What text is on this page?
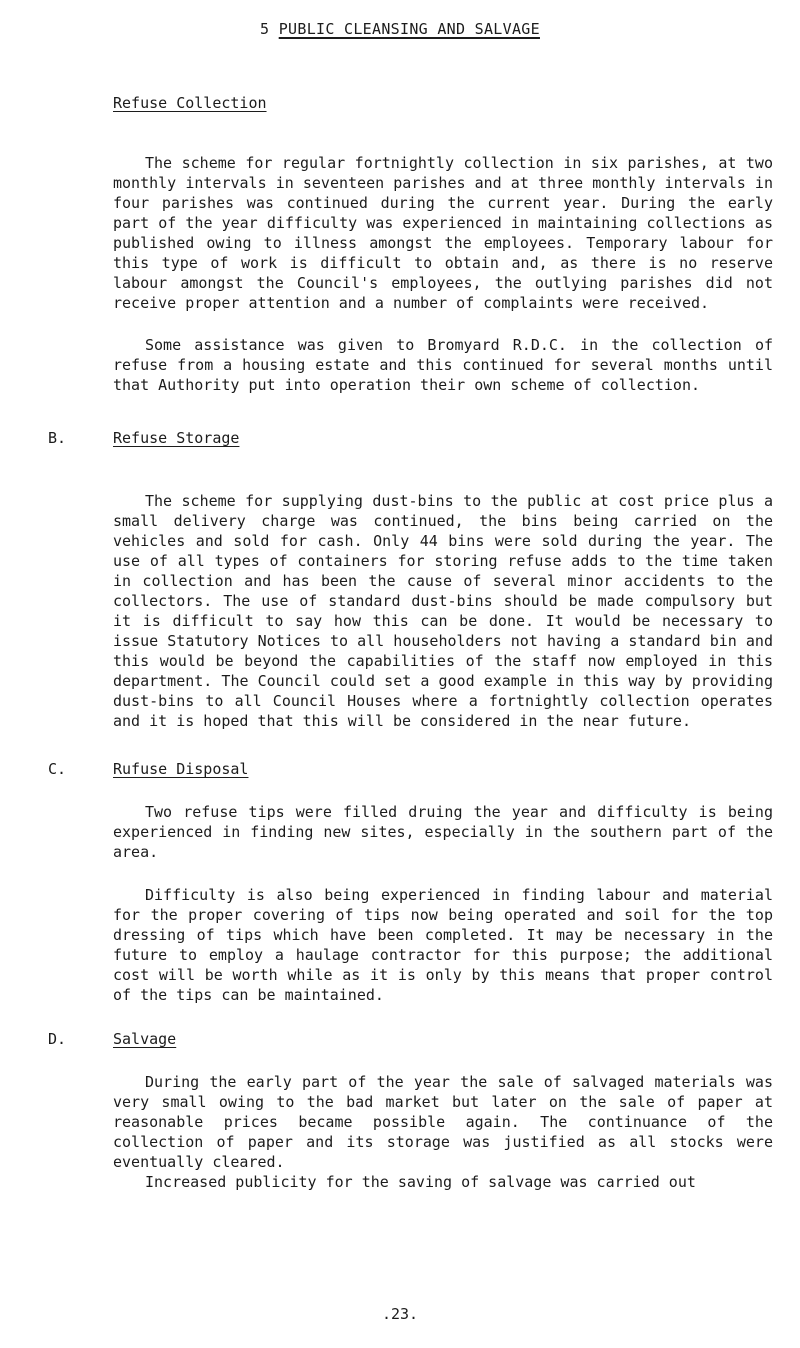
5 PUBLIC CLEANSING AND SALVAGE
Refuse Collection

The scheme for regular fortnightly collection in six parishes, at two monthly intervals in seventeen parishes and at three monthly intervals in four parishes was continued during the current year. During the early part of the year difficulty was experienced in maintaining collections as published owing to illness amongst the employees. Temporary labour for this type of work is difficult to obtain and, as there is no reserve labour amongst the Council's employees, the outlying parishes did not receive proper attention and a number of complaints were received.

Some assistance was given to Bromyard R.D.C. in the collection of refuse from a housing estate and this continued for several months until that Authority put into operation their own scheme of collection.

B.	Refuse Storage

The scheme for supplying dust-bins to the public at cost price plus a small delivery charge was continued, the bins being carried on the vehicles and sold for cash. Only 44 bins were sold during the year. The use of all types of containers for storing refuse adds to the time taken in collection and has been the cause of several minor accidents to the collectors. The use of standard dust-bins should be made compulsory but it is difficult to say how this can be done. It would be necessary to issue Statutory Notices to all householders not having a standard bin and this would be beyond the capabilities of the staff now employed in this department. The Council could set a good example in this way by providing dust-bins to all Council Houses where a fortnightly collection operates and it is hoped that this will be considered in the near future.

C.	Rufuse Disposal

Two refuse tips were filled druing the year and difficulty is being experienced in finding new sites, especially in the southern part of the area.

Difficulty is also being experienced in finding labour and material for the proper covering of tips now being operated and soil for the top dressing of tips which have been completed. It may be necessary in the future to employ a haulage contractor for this purpose; the additional cost will be worth while as it is only by this means that proper control of the tips can be maintained.

D.	Salvage

During the early part of the year the sale of salvaged materials was very small owing to the bad market but later on the sale of paper at reasonable prices became possible again. The continuance of the collection of paper and its storage was justified as all stocks were eventually cleared.

Increased publicity for the saving of salvage was carried out

.23.
